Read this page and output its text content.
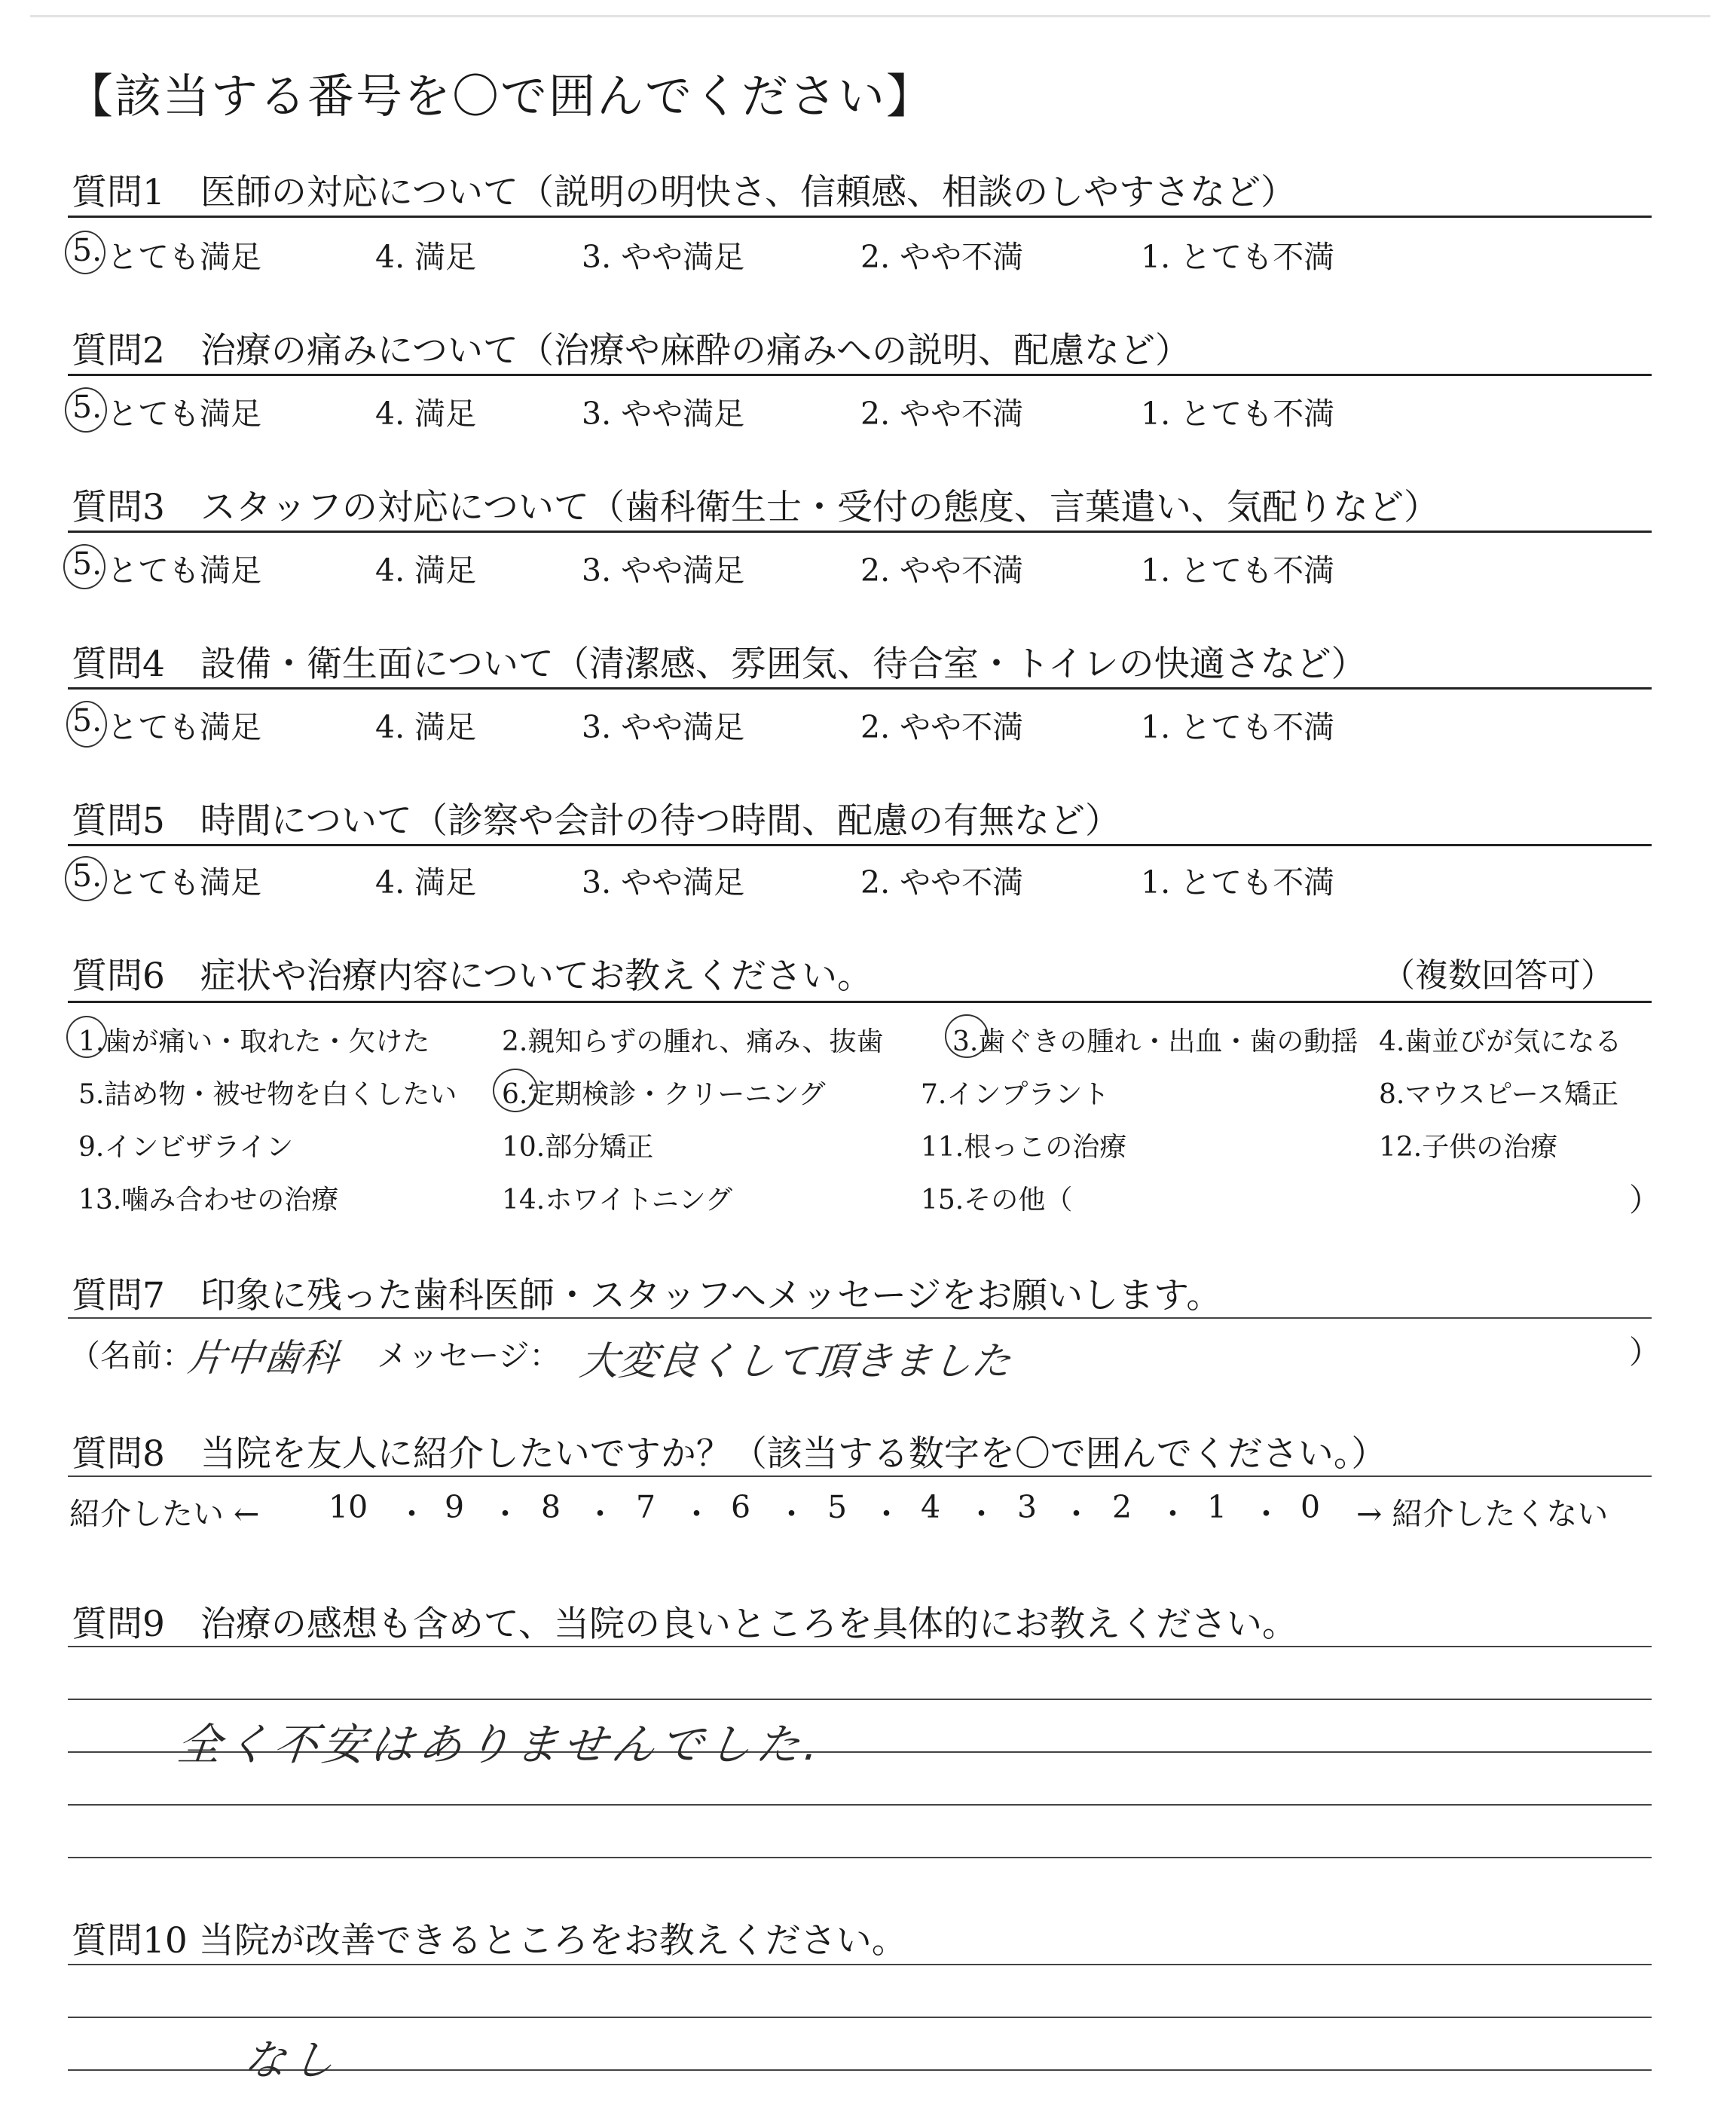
【該当する番号を〇で囲んでください】
質問1　医師の対応について（説明の明快さ、信頼感、相談のしやすさなど）
5. とても満足	4. 満足	3. やや満足	2. やや不満	1. とても不満
質問2　治療の痛みについて（治療や麻酔の痛みへの説明、配慮など）
5. とても満足	4. 満足	3. やや満足	2. やや不満	1. とても不満
質問3　スタッフの対応について（歯科衛生士・受付の態度、言葉遣い、気配りなど）
5. とても満足	4. 満足	3. やや満足	2. やや不満	1. とても不満
質問4　設備・衛生面について（清潔感、雰囲気、待合室・トイレの快適さなど）
5. とても満足	4. 満足	3. やや満足	2. やや不満	1. とても不満
質問5　時間について（診察や会計の待つ時間、配慮の有無など）
5. とても満足	4. 満足	3. やや満足	2. やや不満	1. とても不満
質問6　症状や治療内容についてお教えください。	（複数回答可）
1.歯が痛い・取れた・欠けた	2.親知らずの腫れ、痛み、抜歯	3.歯ぐきの腫れ・出血・歯の動揺 4.歯並びが気になる
5.詰め物・被せ物を白くしたい 6.定期検診・クリーニング	7.インプラント	8.マウスピース矯正
9.インビザライン	10.部分矯正	11.根っこの治療	12.子供の治療
13.噛み合わせの治療	14.ホワイトニング	15.その他（	）
質問7　印象に残った歯科医師・スタッフへメッセージをお願いします。
（名前：
片中歯科 メッセージ： 大変良くして頂きました	）
質問8　当院を友人に紹介したいですか？（該当する数字を〇で囲んでください。）
紹介したい ← 10 ・ 9 ・ 8 ・ 7 ・ 6 ・ 5 ・ 4 ・ 3 ・ 2 ・ 1 ・ 0 → 紹介したくない
質問9　治療の感想も含めて、当院の良いところを具体的にお教えください。
全く不安はありませんでした.
質問10 当院が改善できるところをお教えください。
なし
